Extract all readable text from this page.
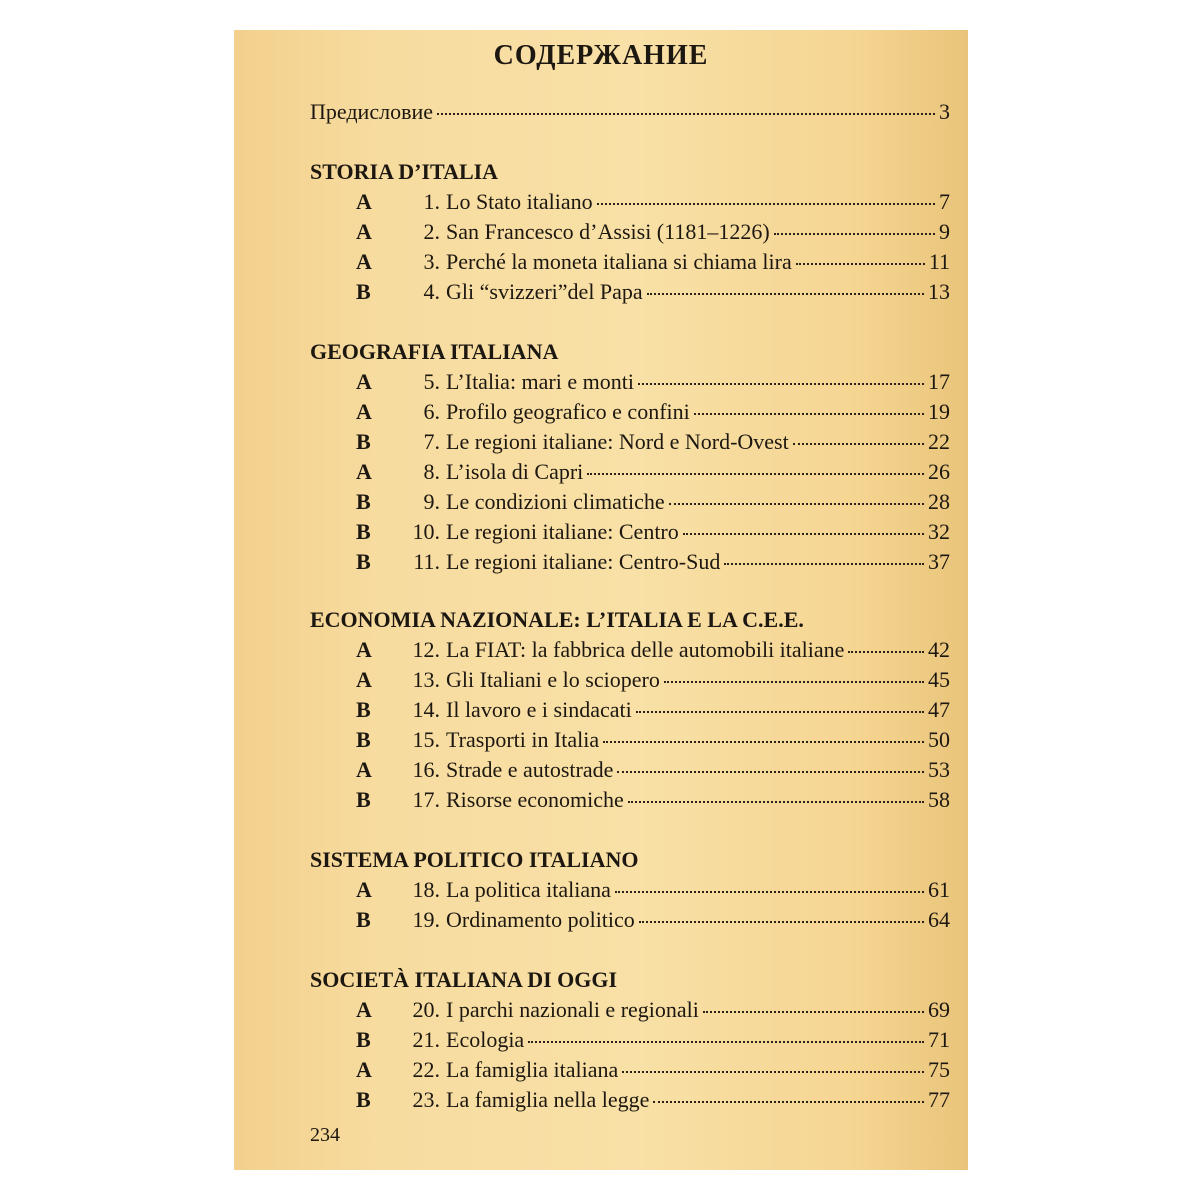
СОДЕРЖАНИЕ
Предисловие	3
STORIA D’ITALIA
A	1. Lo Stato italiano	7
A	2. San Francesco d’Assisi (1181–1226)	9
A	3. Perché la moneta italiana si chiama lira	11
B	4. Gli “svizzeri”del Papa	13
GEOGRAFIA ITALIANA
A	5. L’Italia: mari e monti	17
A	6. Profilo geografico e confini	19
B	7. Le regioni italiane: Nord e Nord-Ovest	22
A	8. L’isola di Capri	26
B	9. Le condizioni climatiche	28
B	10. Le regioni italiane: Centro	32
B	11. Le regioni italiane: Centro-Sud	37
ECONOMIA NAZIONALE: L’ITALIA E LA C.E.E.
A	12. La FIAT: la fabbrica delle automobili italiane	42
A	13. Gli Italiani e lo sciopero	45
B	14. Il lavoro e i sindacati	47
B	15. Trasporti in Italia	50
A	16. Strade e autostrade	53
B	17. Risorse economiche	58
SISTEMA POLITICO ITALIANO
A	18. La politica italiana	61
B	19. Ordinamento politico	64
SOCIETÀ ITALIANA DI OGGI
A	20. I parchi nazionali e regionali	69
B	21. Ecologia	71
A	22. La famiglia italiana	75
B	23. La famiglia nella legge	77
234
